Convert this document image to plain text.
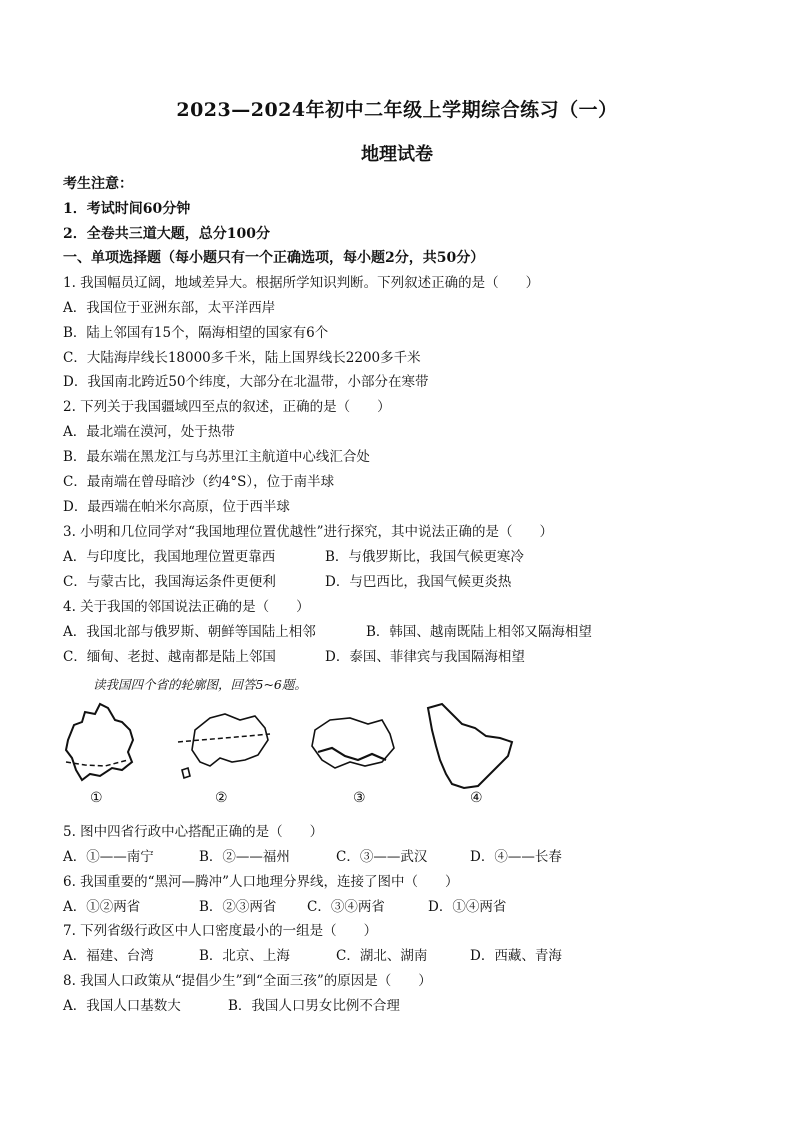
2023—2024年初中二年级上学期综合练习（一）
地理试卷
考生注意：
1．考试时间60分钟
2．全卷共三道大题，总分100分
一、单项选择题（每小题只有一个正确选项，每小题2分，共50分）
1. 我国幅员辽阔，地域差异大。根据所学知识判断。下列叙述正确的是（　　）
A．我国位于亚洲东部，太平洋西岸
B．陆上邻国有15个，隔海相望的国家有6个
C．大陆海岸线长18000多千米，陆上国界线长2200多千米
D．我国南北跨近50个纬度，大部分在北温带，小部分在寒带
2. 下列关于我国疆域四至点的叙述，正确的是（　　）
A．最北端在漠河，处于热带
B．最东端在黑龙江与乌苏里江主航道中心线汇合处
C．最南端在曾母暗沙（约4°S），位于南半球
D．最西端在帕米尔高原，位于西半球
3. 小明和几位同学对“我国地理位置优越性”进行探究，其中说法正确的是（　　）
A．与印度比，我国地理位置更靠西	B．与俄罗斯比，我国气候更寒冷
C．与蒙古比，我国海运条件更便利	D．与巴西比，我国气候更炎热
4. 关于我国的邻国说法正确的是（　　）
A．我国北部与俄罗斯、朝鲜等国陆上相邻	B．韩国、越南既陆上相邻又隔海相望
C．缅甸、老挝、越南都是陆上邻国	D．泰国、菲律宾与我国隔海相望
读我国四个省的轮廓图，回答5~6题。
①	②	③	④
5. 图中四省行政中心搭配正确的是（　　）
A．①——南宁	B．②——福州	C．③——武汉	D．④——长春
6. 我国重要的“黑河—腾冲”人口地理分界线，连接了图中（　　）
A．①②两省	B．②③两省 C．③④两省	D．①④两省
7. 下列省级行政区中人口密度最小的一组是（　　）
A．福建、台湾	B．北京、上海	C．湖北、湖南	D．西藏、青海
8. 我国人口政策从“提倡少生”到“全面三孩”的原因是（　　）
A．我国人口基数大	B．我国人口男女比例不合理
